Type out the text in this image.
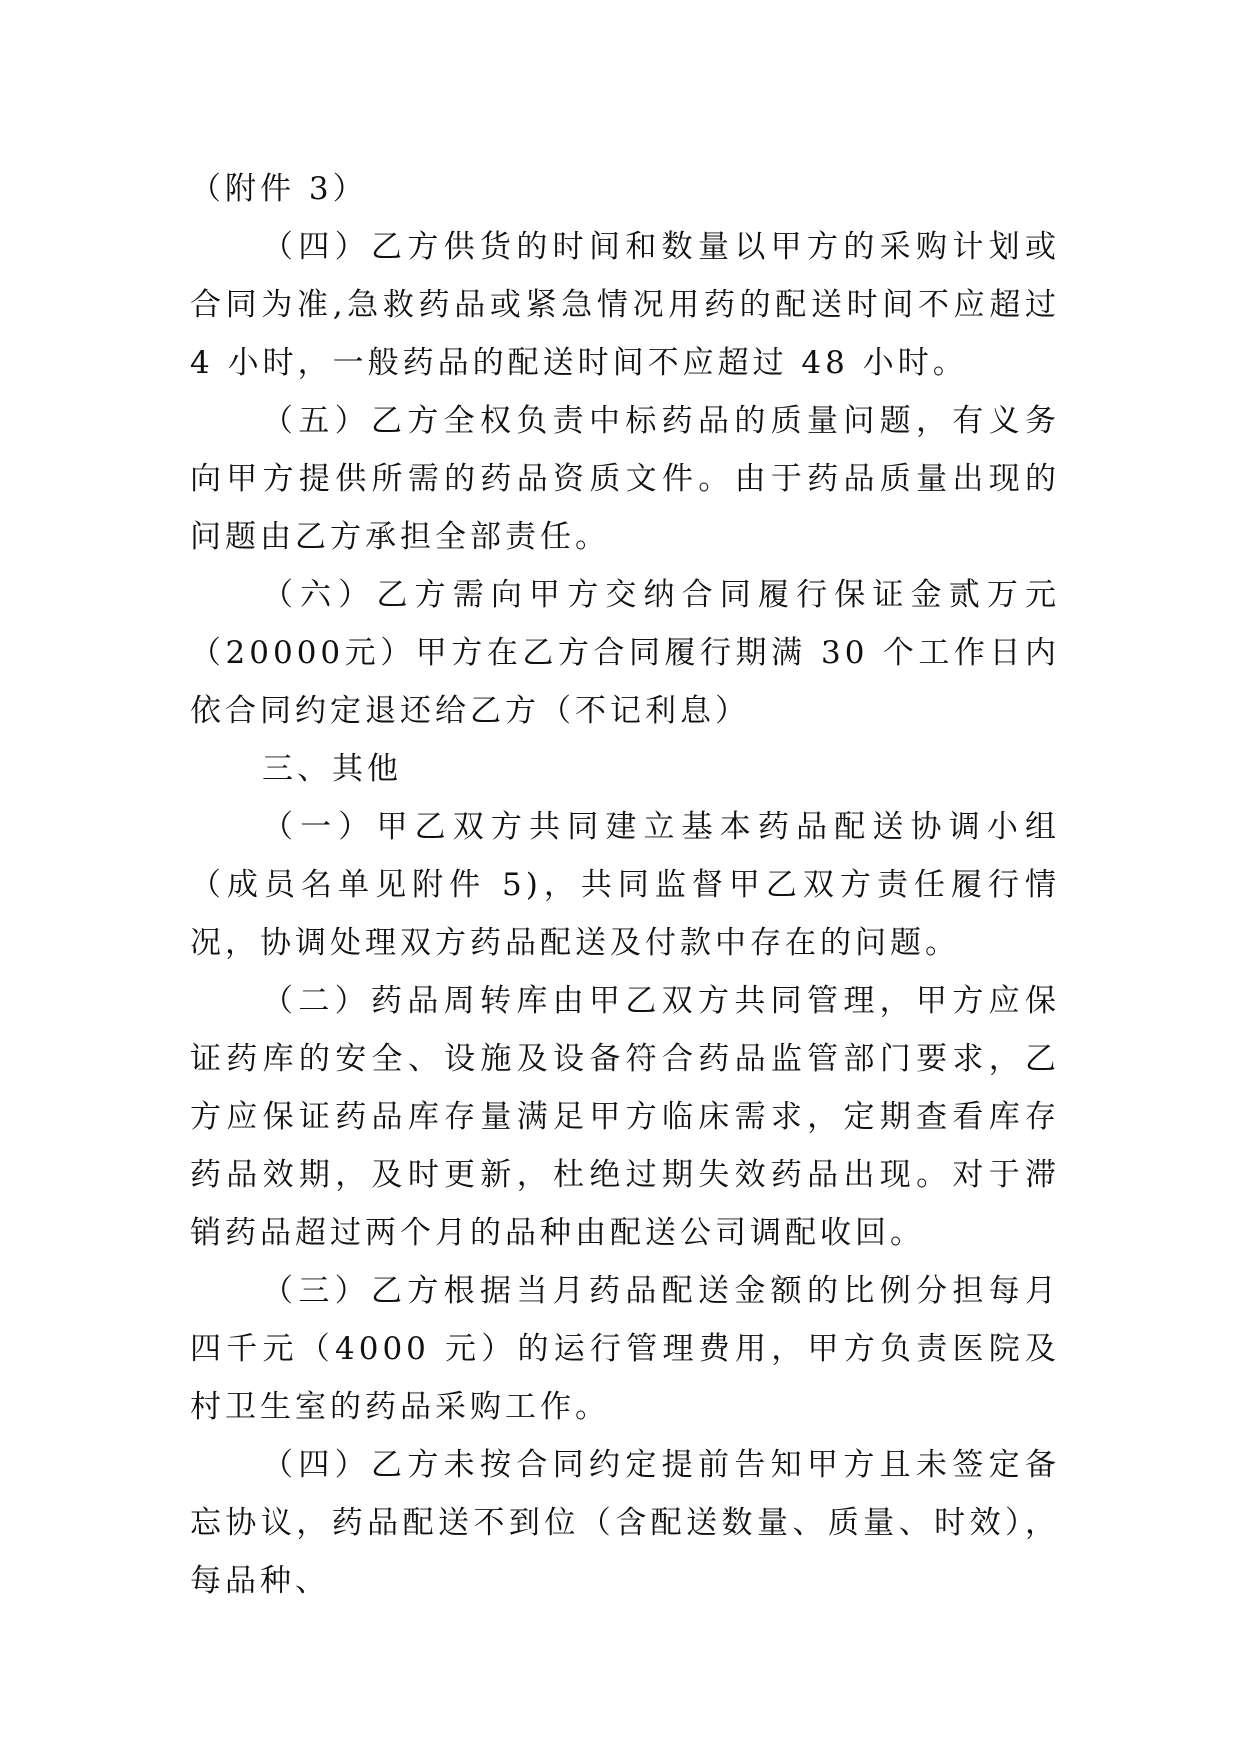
（附件 3）

（四）乙方供货的时间和数量以甲方的采购计划或合同为准,急救药品或紧急情况用药的配送时间不应超过 4 小时，一般药品的配送时间不应超过 48 小时。

（五）乙方全权负责中标药品的质量问题，有义务向甲方提供所需的药品资质文件。由于药品质量出现的问题由乙方承担全部责任。

（六）乙方需向甲方交纳合同履行保证金贰万元（20000元）甲方在乙方合同履行期满 30 个工作日内依合同约定退还给乙方（不记利息）

三、其他

（一）甲乙双方共同建立基本药品配送协调小组（成员名单见附件 5)，共同监督甲乙双方责任履行情况，协调处理双方药品配送及付款中存在的问题。

（二）药品周转库由甲乙双方共同管理，甲方应保证药库的安全、设施及设备符合药品监管部门要求，乙方应保证药品库存量满足甲方临床需求，定期查看库存药品效期，及时更新，杜绝过期失效药品出现。对于滞销药品超过两个月的品种由配送公司调配收回。

（三）乙方根据当月药品配送金额的比例分担每月四千元（4000 元）的运行管理费用，甲方负责医院及村卫生室的药品采购工作。

（四）乙方未按合同约定提前告知甲方且未签定备忘协议，药品配送不到位（含配送数量、质量、时效），每品种、
